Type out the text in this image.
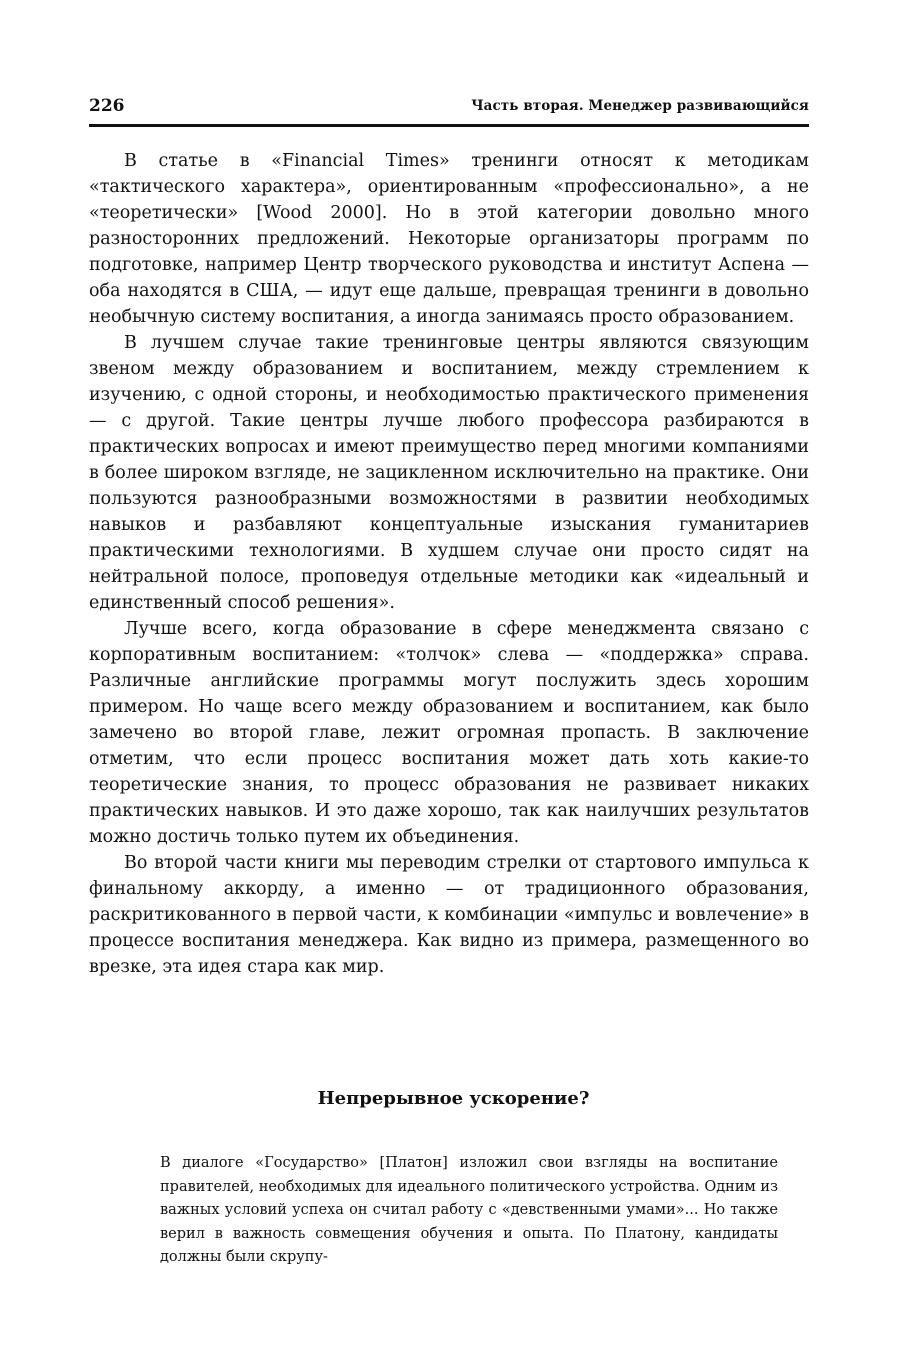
226	Часть вторая. Менеджер развивающийся

В статье в «Financial Times» тренинги относят к методикам «тактического характера», ориентированным «профессионально», а не «теоретически» [Wood 2000]. Но в этой категории довольно много разносторонних предложений. Некоторые организаторы программ по подготовке, например Центр творческого руководства и институт Аспена — оба находятся в США, — идут еще дальше, превращая тренинги в довольно необычную систему воспитания, а иногда занимаясь просто образованием.

В лучшем случае такие тренинговые центры являются связующим звеном между образованием и воспитанием, между стремлением к изучению, с одной стороны, и необходимостью практического применения — с другой. Такие центры лучше любого профессора разбираются в практических вопросах и имеют преимущество перед многими компаниями в более широком взгляде, не зацикленном исключительно на практике. Они пользуются разнообразными возможностями в развитии необходимых навыков и разбавляют концептуальные изыскания гуманитариев практическими технологиями. В худшем случае они просто сидят на нейтральной полосе, проповедуя отдельные методики как «идеальный и единственный способ решения».

Лучше всего, когда образование в сфере менеджмента связано с корпоративным воспитанием: «толчок» слева — «поддержка» справа. Различные английские программы могут послужить здесь хорошим примером. Но чаще всего между образованием и воспитанием, как было замечено во второй главе, лежит огромная пропасть. В заключение отметим, что если процесс воспитания может дать хоть какие-то теоретические знания, то процесс образования не развивает никаких практических навыков. И это даже хорошо, так как наилучших результатов можно достичь только путем их объединения.

Во второй части книги мы переводим стрелки от стартового импульса к финальному аккорду, а именно — от традиционного образования, раскритикованного в первой части, к комбинации «импульс и вовлечение» в процессе воспитания менеджера. Как видно из примера, размещенного во врезке, эта идея стара как мир.

Непрерывное ускорение?

В диалоге «Государство» [Платон] изложил свои взгляды на воспитание правителей, необходимых для идеального политического устройства. Одним из важных условий успеха он считал работу с «девственными умами»... Но также верил в важность совмещения обучения и опыта. По Платону, кандидаты должны были скрупу-
